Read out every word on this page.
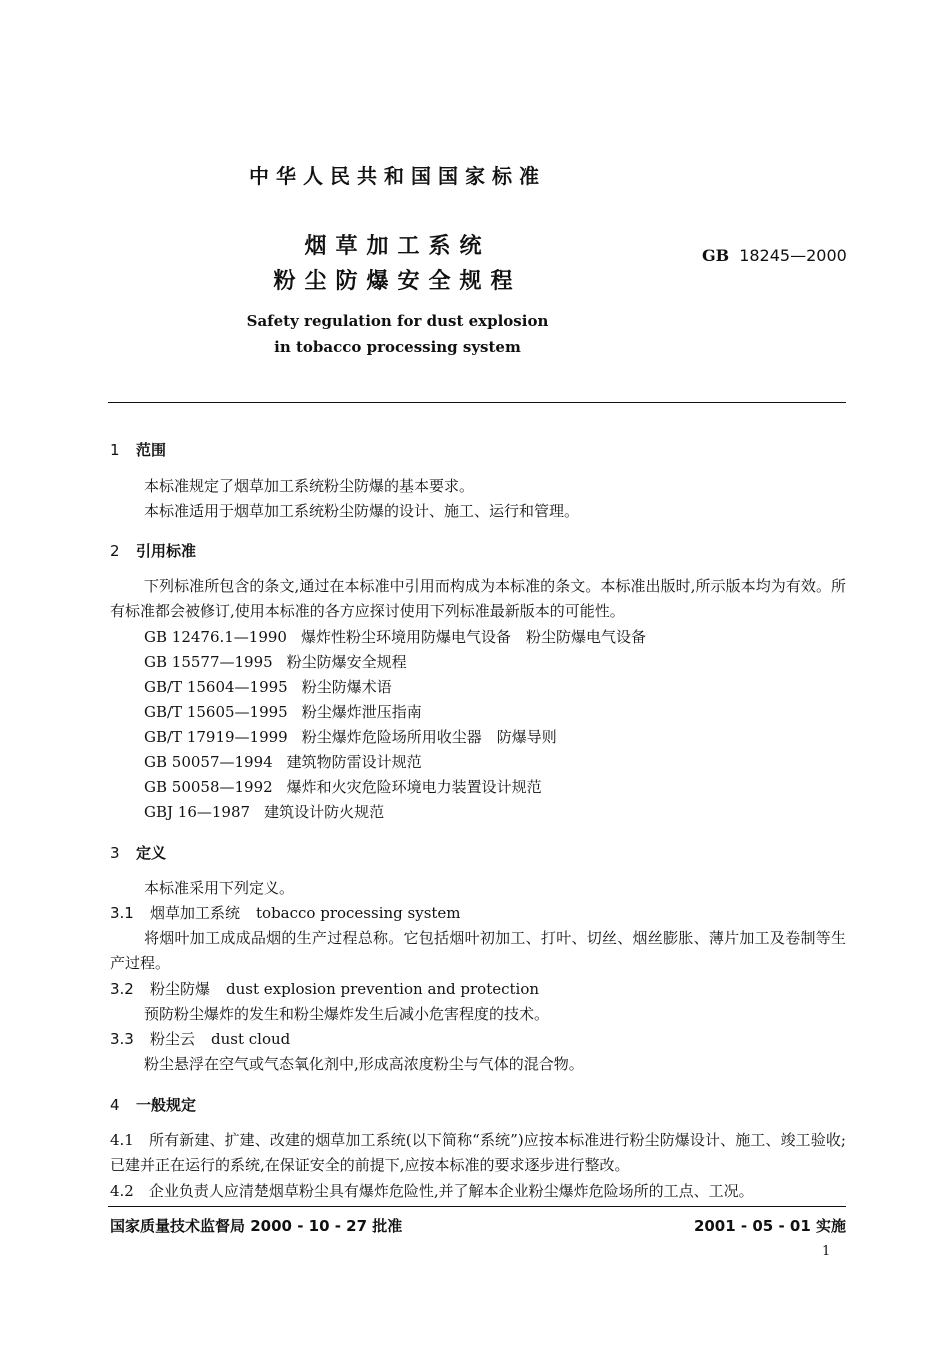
中华人民共和国国家标准
烟草加工系统
粉尘防爆安全规程
GB 18245—2000
Safety regulation for dust explosion
in tobacco processing system
1 范围
本标准规定了烟草加工系统粉尘防爆的基本要求。
本标准适用于烟草加工系统粉尘防爆的设计、施工、运行和管理。
2 引用标准
下列标准所包含的条文,通过在本标准中引用而构成为本标准的条文。本标准出版时,所示版本均为有效。所有标准都会被修订,使用本标准的各方应探讨使用下列标准最新版本的可能性。
GB 12476.1—1990 爆炸性粉尘环境用防爆电气设备　粉尘防爆电气设备
GB 15577—1995 粉尘防爆安全规程
GB/T 15604—1995 粉尘防爆术语
GB/T 15605—1995 粉尘爆炸泄压指南
GB/T 17919—1999 粉尘爆炸危险场所用收尘器　防爆导则
GB 50057—1994 建筑物防雷设计规范
GB 50058—1992 爆炸和火灾危险环境电力装置设计规范
GBJ 16—1987 建筑设计防火规范
3 定义
本标准采用下列定义。
3.1 烟草加工系统 tobacco processing system
将烟叶加工成成品烟的生产过程总称。它包括烟叶初加工、打叶、切丝、烟丝膨胀、薄片加工及卷制等生产过程。
3.2 粉尘防爆 dust explosion prevention and protection
预防粉尘爆炸的发生和粉尘爆炸发生后减小危害程度的技术。
3.3 粉尘云 dust cloud
粉尘悬浮在空气或气态氧化剂中,形成高浓度粉尘与气体的混合物。
4 一般规定
4.1　所有新建、扩建、改建的烟草加工系统(以下简称“系统”)应按本标准进行粉尘防爆设计、施工、竣工验收;已建并正在运行的系统,在保证安全的前提下,应按本标准的要求逐步进行整改。
4.2　企业负责人应清楚烟草粉尘具有爆炸危险性,并了解本企业粉尘爆炸危险场所的工点、工况。
国家质量技术监督局 2000 - 10 - 27 批准	2001 - 05 - 01 实施
1
